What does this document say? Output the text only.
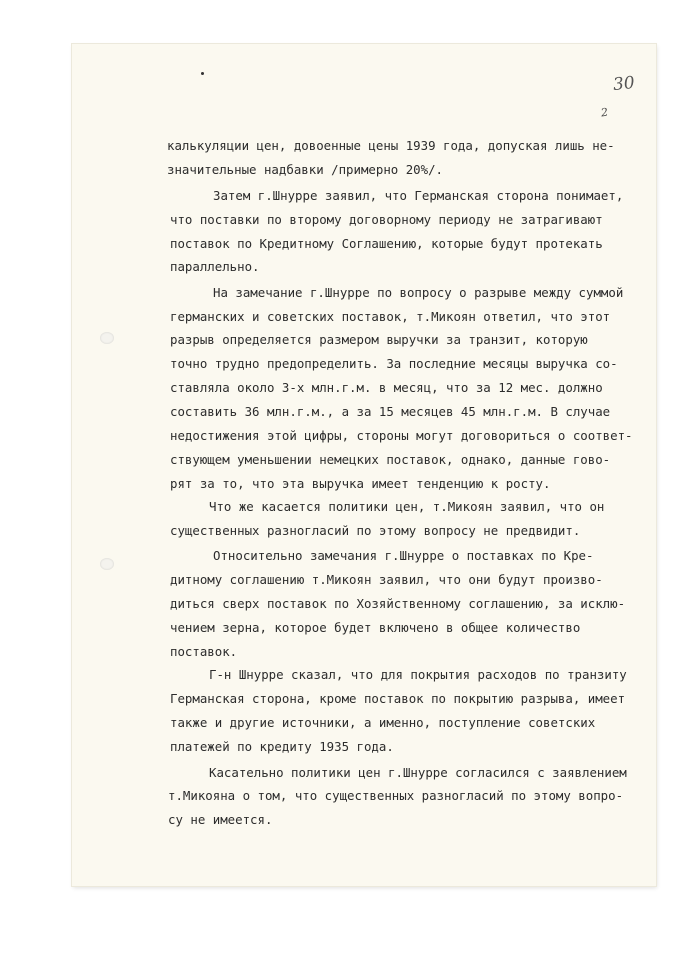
30
2
калькуляции цен, довоенные цены 1939 года, допуская лишь не-
значительные надбавки /примерно 20%/.
Затем г.Шнурре заявил, что Германская сторона понимает,
что поставки по второму договорному периоду не затрагивают
поставок по Кредитному Соглашению, которые будут протекать
параллельно.
На замечание г.Шнурре по вопросу о разрыве между суммой
германских и советских поставок, т.Микоян ответил, что этот
разрыв определяется размером выручки за транзит, которую
точно трудно предопределить. За последние месяцы выручка со-
ставляла около 3-х млн.г.м. в месяц, что за 12 мес. должно
составить 36 млн.г.м., а за 15 месяцев 45 млн.г.м. В случае
недостижения этой цифры, стороны могут договориться о соответ-
ствующем уменьшении немецких поставок, однако, данные гово-
рят за то, что эта выручка имеет тенденцию к росту.
Что же касается политики цен, т.Микоян заявил, что он
существенных разногласий по этому вопросу не предвидит.
Относительно замечания г.Шнурре о поставках по Кре-
дитному соглашению т.Микоян заявил, что они будут произво-
диться сверх поставок по Хозяйственному соглашению, за исклю-
чением зерна, которое будет включено в общее количество
поставок.
Г-н Шнурре сказал, что для покрытия расходов по транзиту
Германская сторона, кроме поставок по покрытию разрыва, имеет
также и другие источники, а именно, поступление советских
платежей по кредиту 1935 года.
Касательно политики цен г.Шнурре согласился с заявлением
т.Микояна о том, что существенных разногласий по этому вопро-
су не имеется.
